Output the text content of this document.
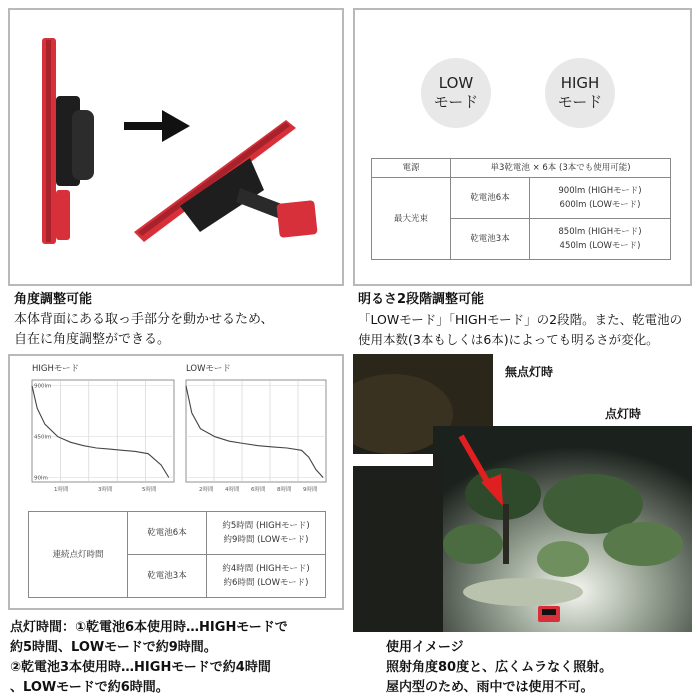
角度調整可能
本体背面にある取っ手部分を動かせるため、
自在に角度調整ができる。
LOW
モード
HIGH
モード
電源	単3乾電池 × 6本 (3本でも使用可能)	
最大光束	乾電池6本	900lm (HIGHモード)
600lm (LOWモード)

	乾電池3本	850lm (HIGHモード)
450lm (LOWモード)
明るさ2段階調整可能
「LOWモード」「HIGHモード」の2段階。また、乾電池の
使用本数(3本もしくは6本)によっても明るさが変化。
HIGHモード	LOWモード
900lm
450lm
90lm
1時間	3時間	5時間	2時間 4時間 6時間 8時間 9時間
連続点灯時間	乾電池6本	約5時間 (HIGHモード)
約9時間 (LOWモード)

	乾電池3本	約4時間 (HIGHモード)
約6時間 (LOWモード)
点灯時間：①乾電池6本使用時…HIGHモードで
約5時間、LOWモードで約9時間。
②乾電池3本使用時…HIGHモードで約4時間
、LOWモードで約6時間。
無点灯時
点灯時
使用イメージ
照射角度80度と、広くムラなく照射。
屋内型のため、雨中では使用不可。
